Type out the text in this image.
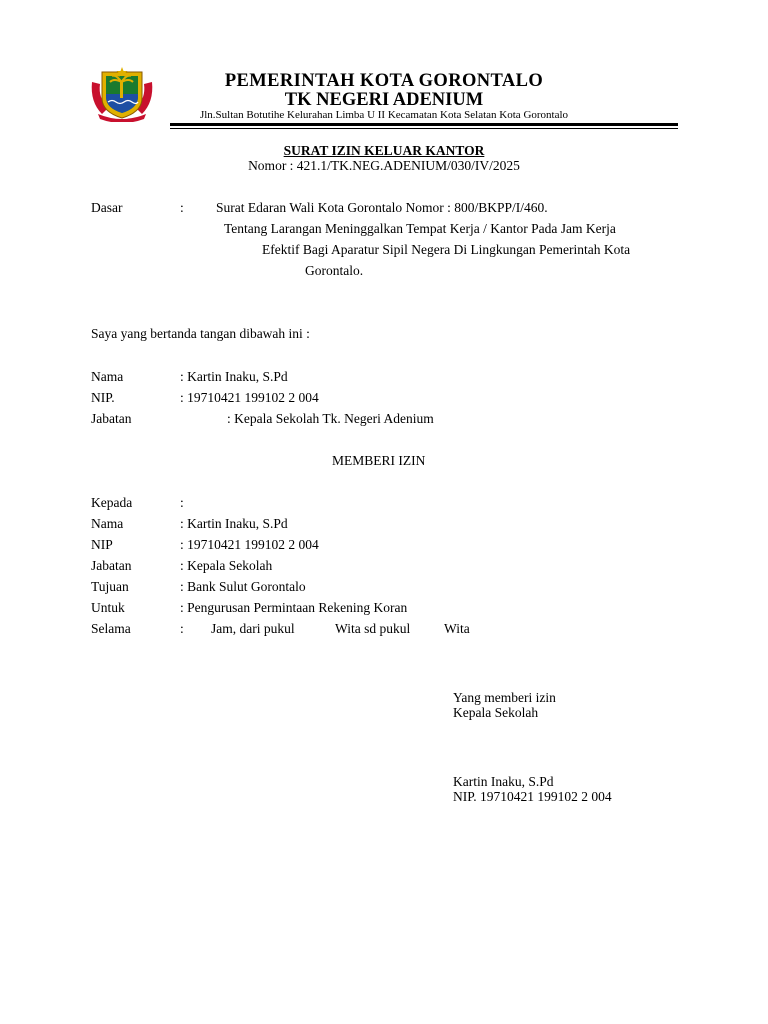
PEMERINTAH KOTA GORONTALO
TK NEGERI ADENIUM
Jln.Sultan Botutihe Kelurahan Limba U II Kecamatan Kota Selatan Kota Gorontalo
SURAT IZIN KELUAR KANTOR
Nomor : 421.1/TK.NEG.ADENIUM/030/IV/2025
Dasar	: Surat Edaran Wali Kota Gorontalo Nomor : 800/BKPP/I/460.
Tentang Larangan Meninggalkan Tempat Kerja / Kantor Pada Jam Kerja
Efektif Bagi Aparatur Sipil Negera Di Lingkungan Pemerintah Kota
Gorontalo.
Saya yang bertanda tangan dibawah ini :
Nama	: Kartin Inaku, S.Pd
NIP.	: 19710421 199102 2 004
Jabatan	: Kepala Sekolah Tk. Negeri Adenium
MEMBERI IZIN
Kepada	:
Nama	: Kartin Inaku, S.Pd
NIP	: 19710421 199102 2 004
Jabatan	: Kepala Sekolah
Tujuan	: Bank Sulut Gorontalo
Untuk	: Pengurusan Permintaan Rekening Koran
Selama	: Jam, dari pukul	Wita sd pukul	Wita
Yang memberi izin
Kepala Sekolah
Kartin Inaku, S.Pd
NIP. 19710421 199102 2 004
